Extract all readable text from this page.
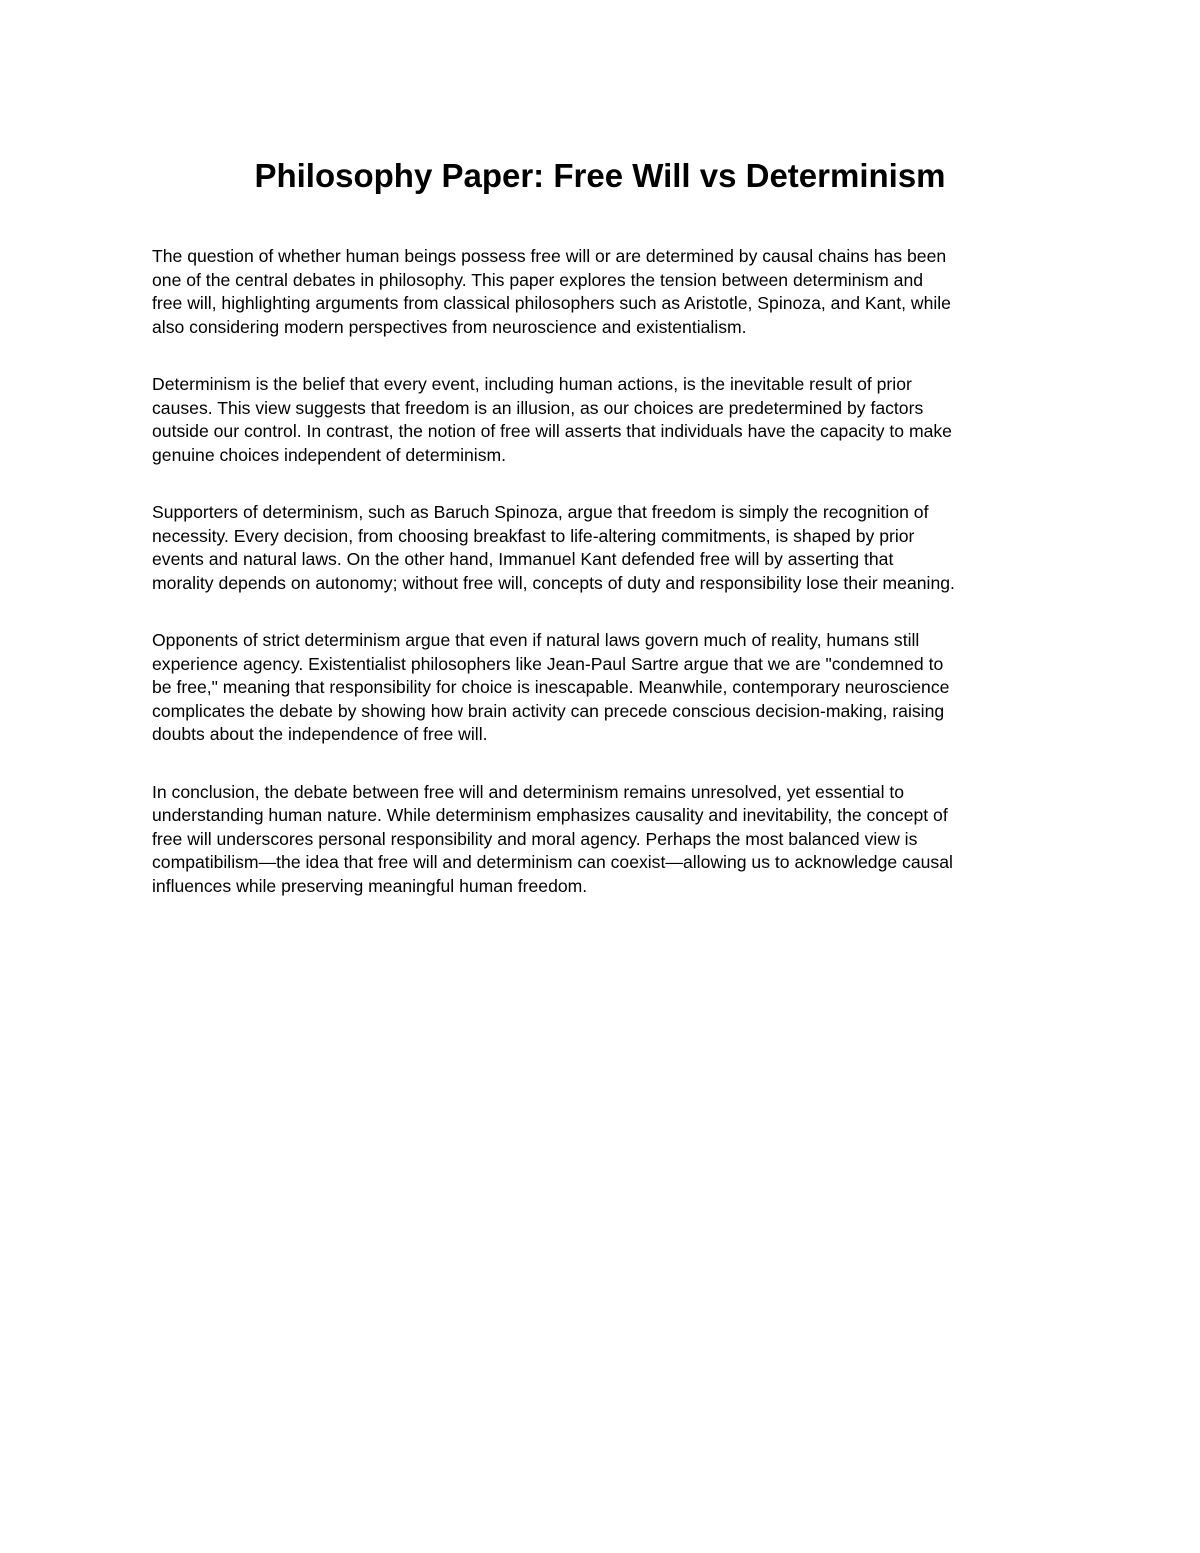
Philosophy Paper: Free Will vs Determinism

The question of whether human beings possess free will or are determined by causal chains has been
one of the central debates in philosophy. This paper explores the tension between determinism and
free will, highlighting arguments from classical philosophers such as Aristotle, Spinoza, and Kant, while
also considering modern perspectives from neuroscience and existentialism.

Determinism is the belief that every event, including human actions, is the inevitable result of prior
causes. This view suggests that freedom is an illusion, as our choices are predetermined by factors
outside our control. In contrast, the notion of free will asserts that individuals have the capacity to make
genuine choices independent of determinism.

Supporters of determinism, such as Baruch Spinoza, argue that freedom is simply the recognition of
necessity. Every decision, from choosing breakfast to life-altering commitments, is shaped by prior
events and natural laws. On the other hand, Immanuel Kant defended free will by asserting that
morality depends on autonomy; without free will, concepts of duty and responsibility lose their meaning.

Opponents of strict determinism argue that even if natural laws govern much of reality, humans still
experience agency. Existentialist philosophers like Jean-Paul Sartre argue that we are "condemned to
be free," meaning that responsibility for choice is inescapable. Meanwhile, contemporary neuroscience
complicates the debate by showing how brain activity can precede conscious decision-making, raising
doubts about the independence of free will.

In conclusion, the debate between free will and determinism remains unresolved, yet essential to
understanding human nature. While determinism emphasizes causality and inevitability, the concept of
free will underscores personal responsibility and moral agency. Perhaps the most balanced view is
compatibilism—the idea that free will and determinism can coexist—allowing us to acknowledge causal
influences while preserving meaningful human freedom.
